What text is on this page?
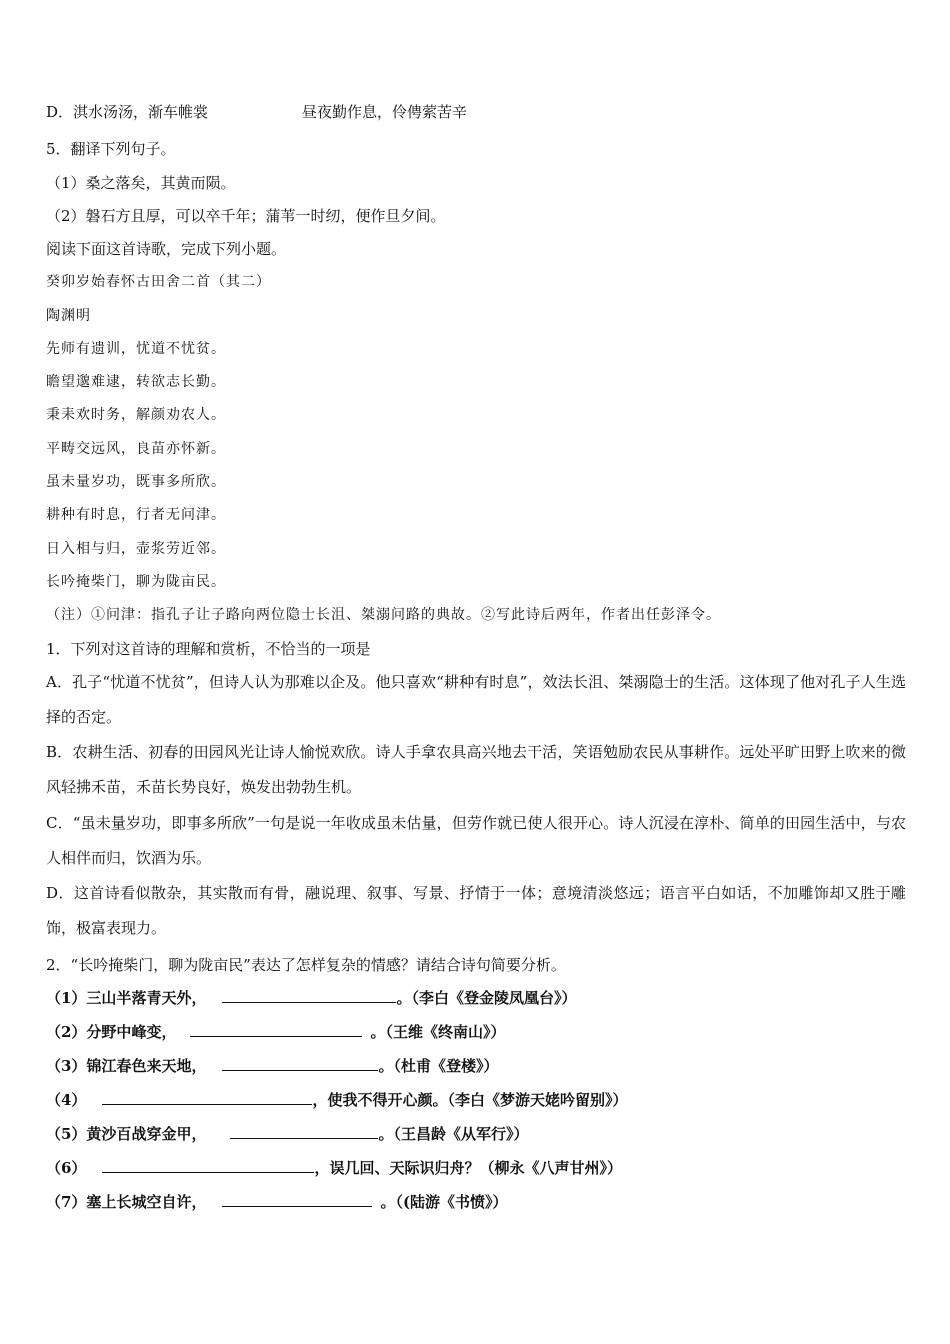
D．淇水汤汤，渐车帷裳	昼夜勤作息，伶俜萦苦辛
5．翻译下列句子。
（1）桑之落矣，其黄而陨。
（2）磐石方且厚，可以卒千年；蒲苇一时纫，便作旦夕间。
阅读下面这首诗歌，完成下列小题。
癸卯岁始春怀古田舍二首（其二）
陶渊明
先师有遗训，忧道不忧贫。
瞻望邈难逮，转欲志长勤。
秉耒欢时务，解颜劝农人。
平畴交远风，良苗亦怀新。
虽未量岁功，既事多所欣。
耕种有时息，行者无问津。
日入相与归，壶浆劳近邻。
长吟掩柴门，聊为陇亩民。
（注）①问津：指孔子让子路向两位隐士长沮、桀溺问路的典故。②写此诗后两年，作者出任彭泽令。
1．下列对这首诗的理解和赏析，不恰当的一项是
A．孔子“忧道不忧贫”，但诗人认为那难以企及。他只喜欢“耕种有时息”，效法长沮、桀溺隐士的生活。这体现了他对孔子人生选择的否定。
B．农耕生活、初春的田园风光让诗人愉悦欢欣。诗人手拿农具高兴地去干活，笑语勉励农民从事耕作。远处平旷田野上吹来的微风轻拂禾苗，禾苗长势良好，焕发出勃勃生机。
C．“虽未量岁功，即事多所欣”一句是说一年收成虽未估量，但劳作就已使人很开心。诗人沉浸在淳朴、简单的田园生活中，与农人相伴而归，饮酒为乐。
D．这首诗看似散杂，其实散而有骨，融说理、叙事、写景、抒情于一体；意境清淡悠远；语言平白如话，不加雕饰却又胜于雕饰，极富表现力。
2．“长吟掩柴门，聊为陇亩民”表达了怎样复杂的情感？请结合诗句简要分析。
（1）三山半落青天外，	。（李白《登金陵凤凰台》）
（2）分野中峰变，	。（王维《终南山》）
（3）锦江春色来天地，	。（杜甫《登楼》）
（4）	，使我不得开心颜。（李白《梦游天姥吟留别》）
（5）黄沙百战穿金甲，	。（王昌龄《从军行》）
（6）	，误几回、天际识归舟？（柳永《八声甘州》）
（7）塞上长城空自许，	。（(陆游《书愤》）
